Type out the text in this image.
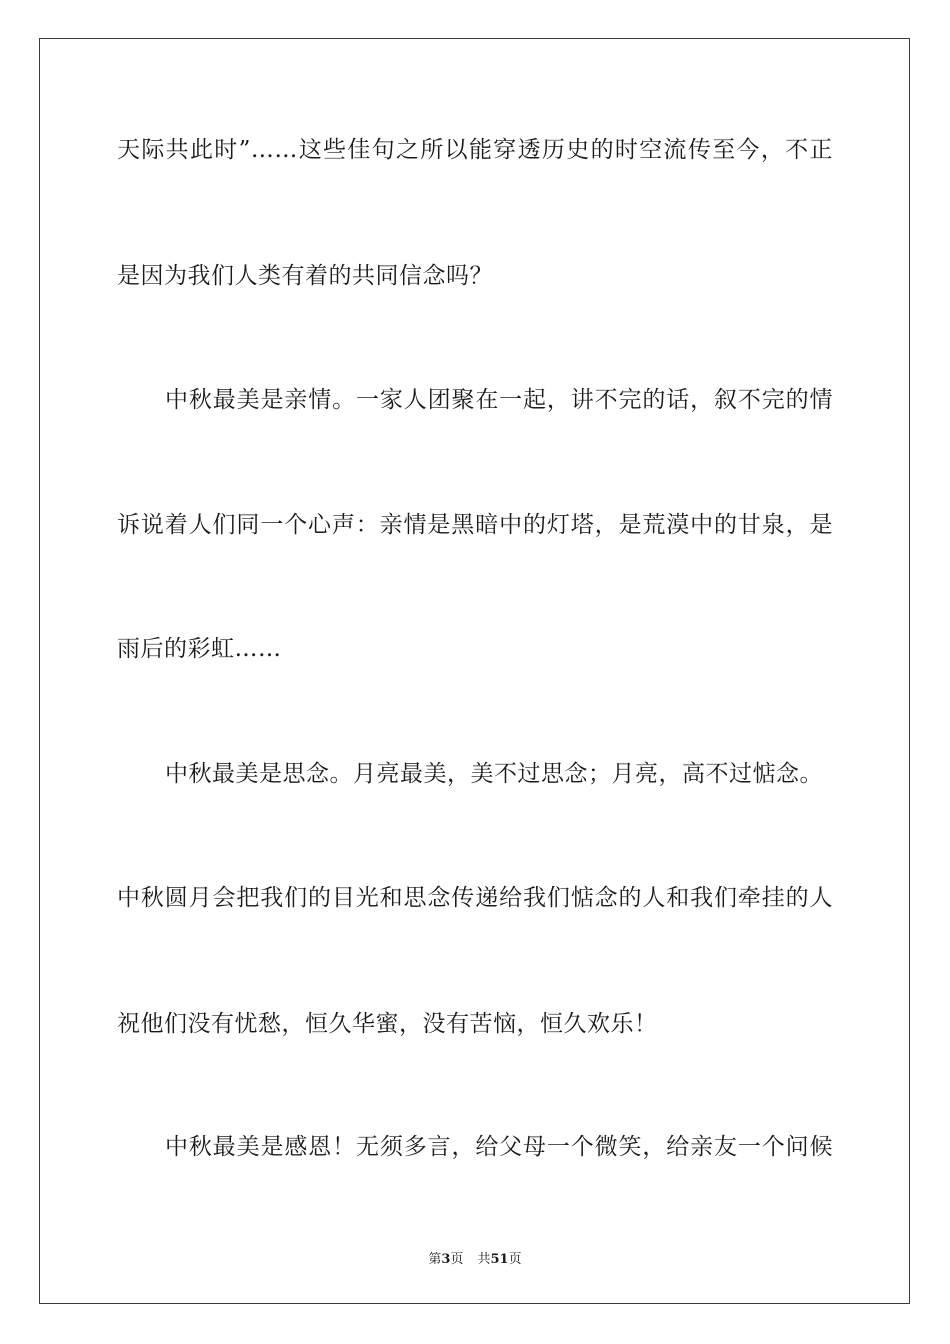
天际共此时”……这些佳句之所以能穿透历史的时空流传至今，不正
是因为我们人类有着的共同信念吗？
中秋最美是亲情。一家人团聚在一起，讲不完的话，叙不完的情
诉说着人们同一个心声：亲情是黑暗中的灯塔，是荒漠中的甘泉，是
雨后的彩虹……
中秋最美是思念。月亮最美，美不过思念；月亮，高不过惦念。
中秋圆月会把我们的目光和思念传递给我们惦念的人和我们牵挂的人
祝他们没有忧愁，恒久华蜜，没有苦恼，恒久欢乐！
中秋最美是感恩！无须多言，给父母一个微笑，给亲友一个问候
第3页 共51页
